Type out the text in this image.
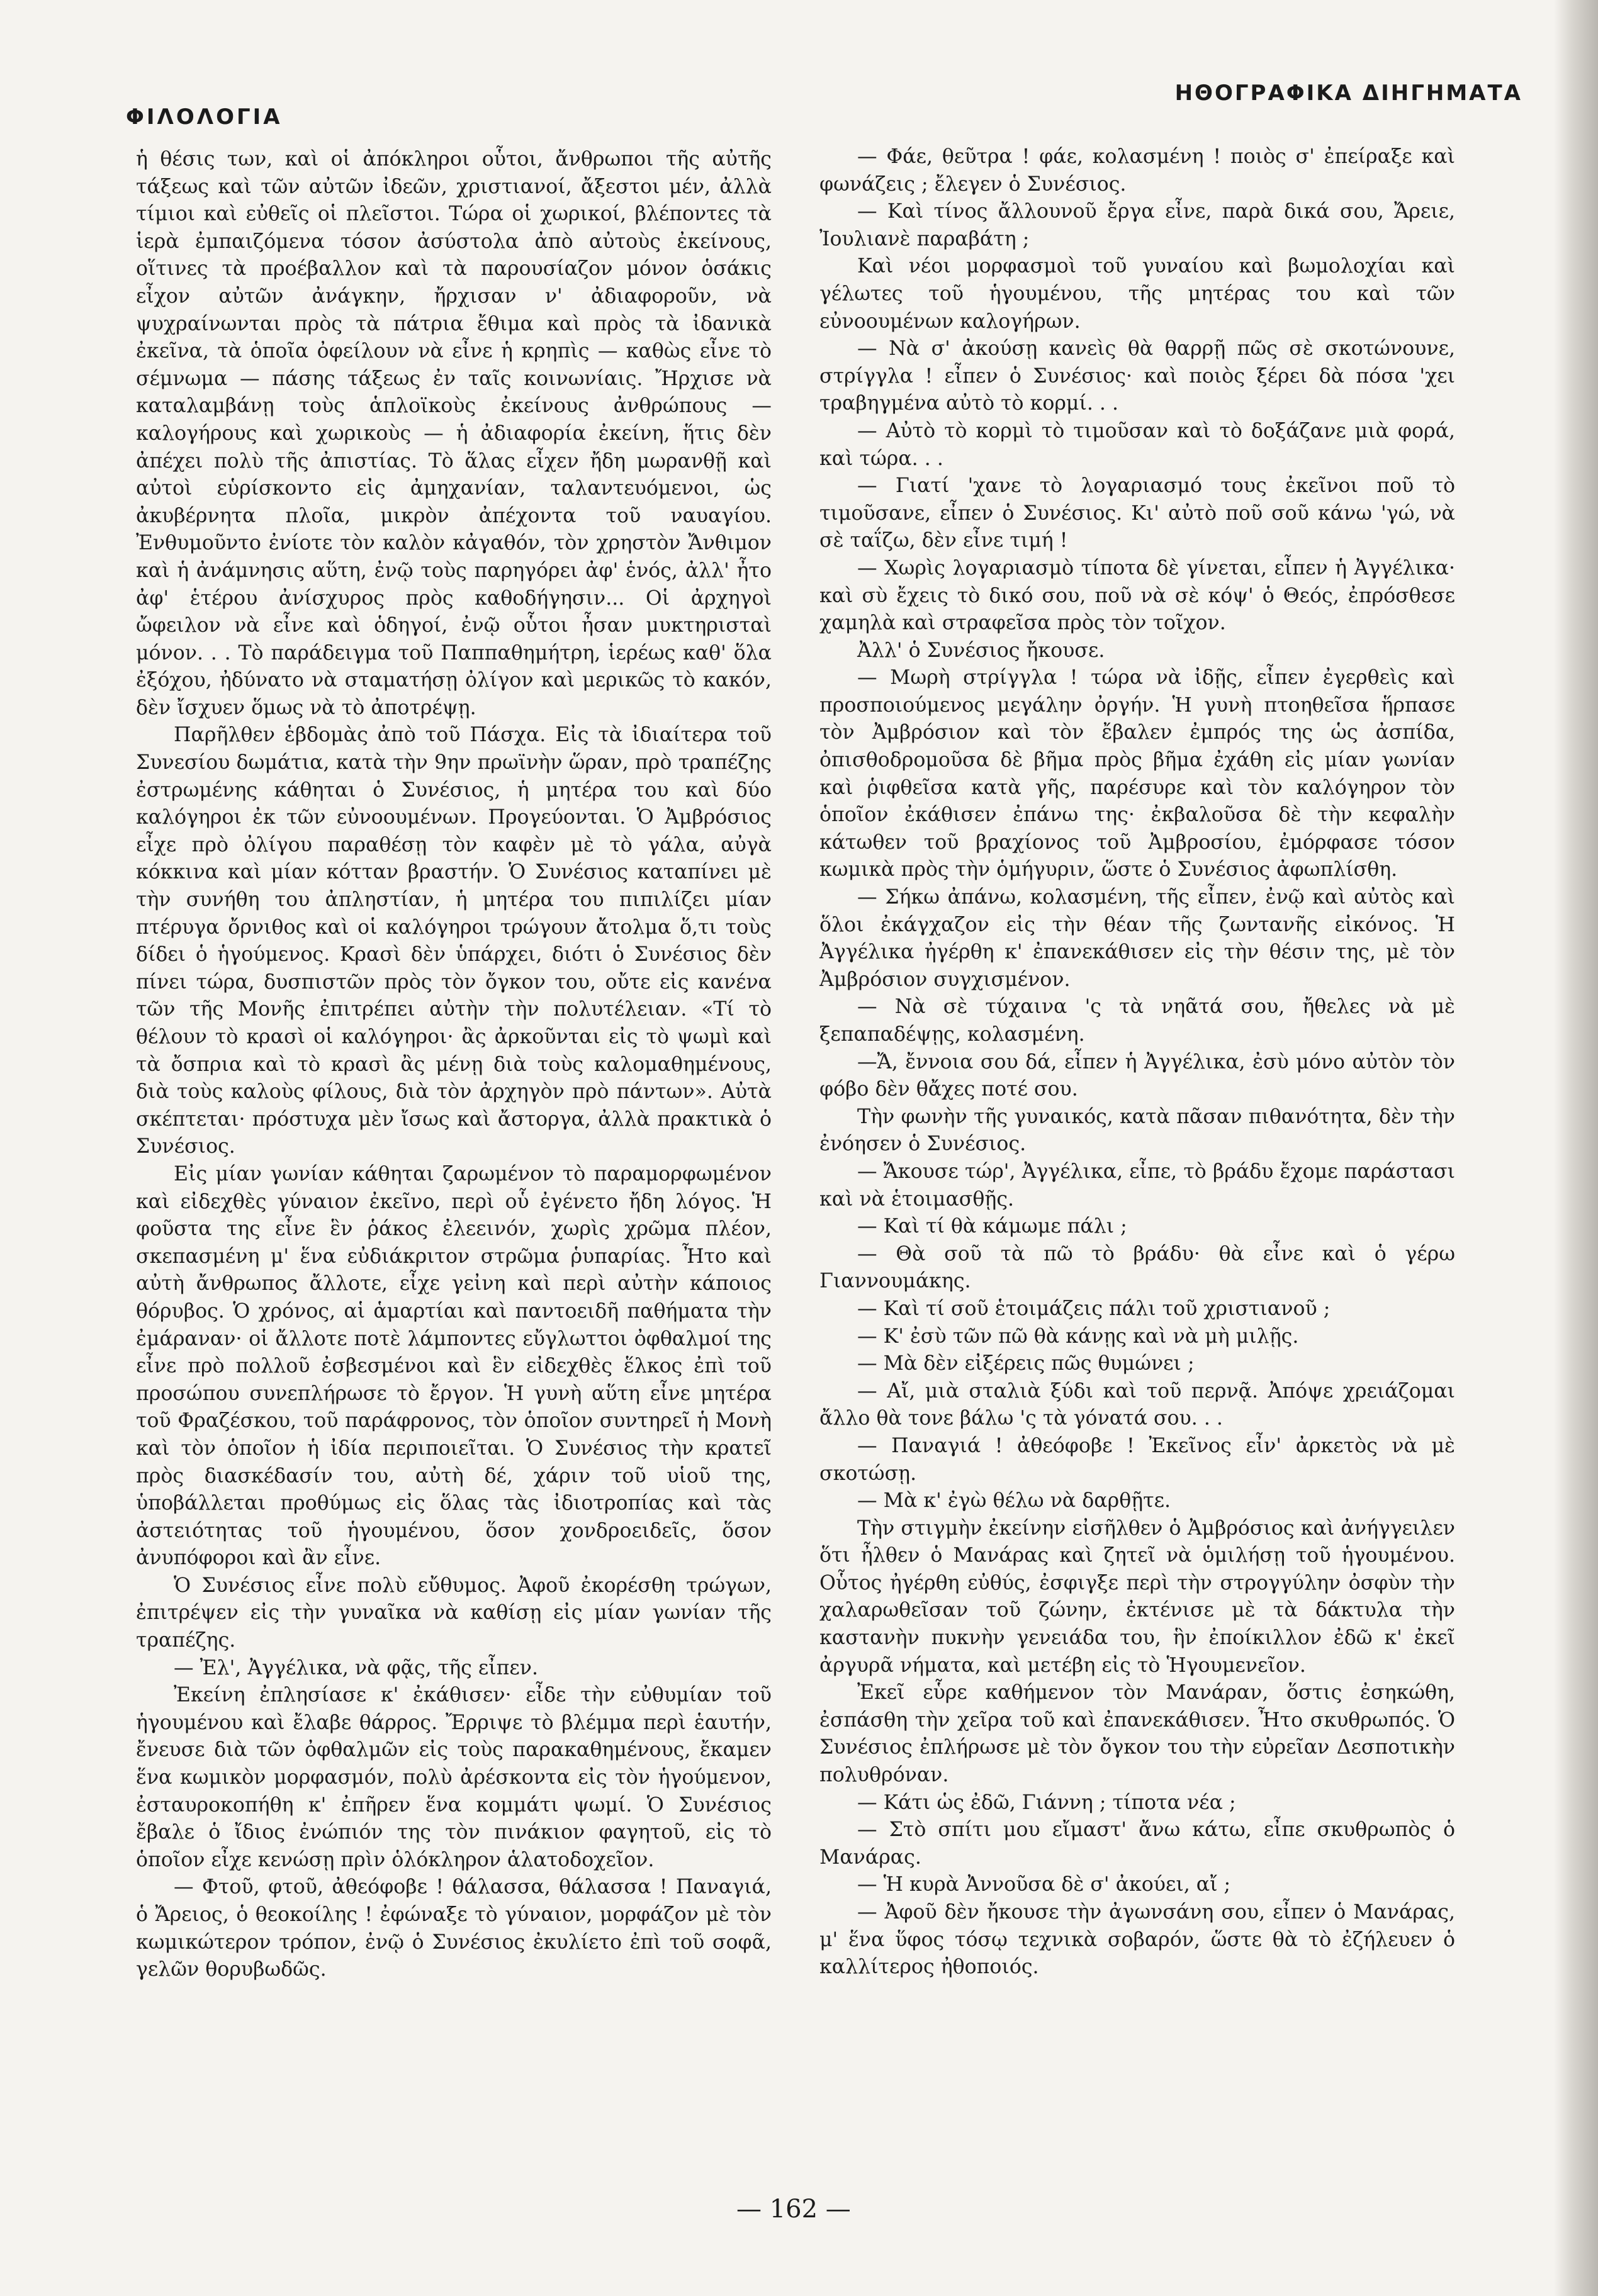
ΦΙΛΟΛΟΓΙΑ
ΗΘΟΓΡΑΦΙΚΑ ΔΙΗΓΗΜΑΤΑ

ἡ θέσις των, καὶ οἱ ἀπόκληροι οὗτοι, ἄνθρωποι τῆς αὐτῆς τάξεως καὶ τῶν αὐτῶν ἰδεῶν, χριστιανοί, ἄξεστοι μέν, ἀλλὰ τίμιοι καὶ εὐθεῖς οἱ πλεῖστοι. Τώρα οἱ χωρικοί, βλέποντες τὰ ἱερὰ ἐμπαιζόμενα τόσον ἀσύστολα ἀπὸ αὐτοὺς ἐκείνους, οἵτινες τὰ προέβαλλον καὶ τὰ παρουσίαζον μόνον ὁσάκις εἶχον αὐτῶν ἀνάγκην, ἤρχισαν ν' ἀδιαφοροῦν, νὰ ψυχραίνωνται πρὸς τὰ πάτρια ἔθιμα καὶ πρὸς τὰ ἰδανικὰ ἐκεῖνα, τὰ ὁποῖα ὀφείλουν νὰ εἶνε ἡ κρηπὶς — καθὼς εἶνε τὸ σέμνωμα — πάσης τάξεως ἐν ταῖς κοινωνίαις. Ἤρχισε νὰ καταλαμβάνῃ τοὺς ἁπλοϊκοὺς ἐκείνους ἀνθρώπους — καλογήρους καὶ χωρικοὺς — ἡ ἀδιαφορία ἐκείνη, ἥτις δὲν ἀπέχει πολὺ τῆς ἀπιστίας. Τὸ ἅλας εἶχεν ἤδη μωρανθῇ καὶ αὐτοὶ εὑρίσκοντο εἰς ἀμηχανίαν, ταλαντευόμενοι, ὡς ἀκυβέρνητα πλοῖα, μικρὸν ἀπέχοντα τοῦ ναυαγίου. Ἐνθυμοῦντο ἐνίοτε τὸν καλὸν κἀγαθόν, τὸν χρηστὸν Ἄνθιμον καὶ ἡ ἀνάμνησις αὕτη, ἐνῷ τοὺς παρηγόρει ἀφ' ἑνός, ἀλλ' ἦτο ἀφ' ἑτέρου ἀνίσχυρος πρὸς καθοδήγησιν... Οἱ ἀρχηγοὶ ὤφειλον νὰ εἶνε καὶ ὁδηγοί, ἐνῷ οὗτοι ἦσαν μυκτηρισταὶ μόνον. . . Τὸ παράδειγμα τοῦ Παππαθημήτρη, ἱερέως καθ' ὅλα ἐξόχου, ἠδύνατο νὰ σταματήσῃ ὀλίγον καὶ μερικῶς τὸ κακόν, δὲν ἴσχυεν ὅμως νὰ τὸ ἀποτρέψῃ.

Παρῆλθεν ἑβδομὰς ἀπὸ τοῦ Πάσχα. Εἰς τὰ ἰδιαίτερα τοῦ Συνεσίου δωμάτια, κατὰ τὴν 9ην πρωϊνὴν ὥραν, πρὸ τραπέζης ἐστρωμένης κάθηται ὁ Συνέσιος, ἡ μητέρα του καὶ δύο καλόγηροι ἐκ τῶν εὐνοουμένων. Προγεύονται. Ὁ Ἀμβρόσιος εἶχε πρὸ ὀλίγου παραθέσῃ τὸν καφὲν μὲ τὸ γάλα, αὐγὰ κόκκινα καὶ μίαν κότταν βραστήν. Ὁ Συνέσιος καταπίνει μὲ τὴν συνήθη του ἀπληστίαν, ἡ μητέρα του πιπιλίζει μίαν πτέρυγα ὄρνιθος καὶ οἱ καλόγηροι τρώγουν ἄτολμα ὅ,τι τοὺς δίδει ὁ ἡγούμενος. Κρασὶ δὲν ὑπάρχει, διότι ὁ Συνέσιος δὲν πίνει τώρα, δυσπιστῶν πρὸς τὸν ὄγκον του, οὔτε εἰς κανένα τῶν τῆς Μονῆς ἐπιτρέπει αὐτὴν τὴν πολυτέλειαν. «Τί τὸ θέλουν τὸ κρασὶ οἱ καλόγηροι· ἂς ἀρκοῦνται εἰς τὸ ψωμὶ καὶ τὰ ὄσπρια καὶ τὸ κρασὶ ἂς μένῃ διὰ τοὺς καλομαθημένους, διὰ τοὺς καλοὺς φίλους, διὰ τὸν ἀρχηγὸν πρὸ πάντων». Αὐτὰ σκέπτεται· πρόστυχα μὲν ἴσως καὶ ἄστοργα, ἀλλὰ πρακτικὰ ὁ Συνέσιος.

Εἰς μίαν γωνίαν κάθηται ζαρωμένον τὸ παραμορφωμένον καὶ εἰδεχθὲς γύναιον ἐκεῖνο, περὶ οὗ ἐγένετο ἤδη λόγος. Ἡ φοῦστα της εἶνε ἓν ῥάκος ἐλεεινόν, χωρὶς χρῶμα πλέον, σκεπασμένη μ' ἕνα εὐδιάκριτον στρῶμα ῥυπαρίας. Ἦτο καὶ αὐτὴ ἄνθρωπος ἄλλοτε, εἶχε γεἰνη καὶ περὶ αὐτὴν κάποιος θόρυβος. Ὁ χρόνος, αἱ ἁμαρτίαι καὶ παντοειδῆ παθήματα τὴν ἐμάραναν· οἱ ἄλλοτε ποτὲ λάμποντες εὔγλωττοι ὀφθαλμοί της εἶνε πρὸ πολλοῦ ἐσβεσμένοι καὶ ἓν εἰδεχθὲς ἕλκος ἐπὶ τοῦ προσώπου συνεπλήρωσε τὸ ἔργον. Ἡ γυνὴ αὕτη εἶνε μητέρα τοῦ Φραζέσκου, τοῦ παράφρονος, τὸν ὁποῖον συντηρεῖ ἡ Μονὴ καὶ τὸν ὁποῖον ἡ ἰδία περιποιεῖται. Ὁ Συνέσιος τὴν κρατεῖ πρὸς διασκέδασίν του, αὐτὴ δέ, χάριν τοῦ υἱοῦ της, ὑποβάλλεται προθύμως εἰς ὅλας τὰς ἰδιοτροπίας καὶ τὰς ἀστειότητας τοῦ ἡγουμένου, ὅσον χονδροειδεῖς, ὅσον ἀνυπόφοροι καὶ ἂν εἶνε.

Ὁ Συνέσιος εἶνε πολὺ εὔθυμος. Ἀφοῦ ἐκορέσθη τρώγων, ἐπιτρέψεν εἰς τὴν γυναῖκα νὰ καθίσῃ εἰς μίαν γωνίαν τῆς τραπέζης.

— Ἐλ', Ἀγγέλικα, νὰ φᾷς, τῆς εἶπεν.

Ἐκείνη ἐπλησίασε κ' ἐκάθισεν· εἶδε τὴν εὐθυμίαν τοῦ ἡγουμένου καὶ ἔλαβε θάρρος. Ἔρριψε τὸ βλέμμα περὶ ἑαυτήν, ἔνευσε διὰ τῶν ὀφθαλμῶν εἰς τοὺς παρακαθημένους, ἔκαμεν ἕνα κωμικὸν μορφασμόν, πολὺ ἀρέσκοντα εἰς τὸν ἡγούμενον, ἐσταυροκοπήθη κ' ἐπῆρεν ἕνα κομμάτι ψωμί. Ὁ Συνέσιος ἔβαλε ὁ ἴδιος ἐνώπιόν της τὸν πινάκιον φαγητοῦ, εἰς τὸ ὁποῖον εἶχε κενώσῃ πρὶν ὁλόκληρον ἁλατοδοχεῖον.

— Φτοῦ, φτοῦ, ἀθεόφοβε ! θάλασσα, θάλασσα ! Παναγιά, ὁ Ἄρειος, ὁ θεοκοίλης ! ἐφώναξε τὸ γύναιον, μορφάζον μὲ τὸν κωμικώτερον τρόπον, ἐνῷ ὁ Συνέσιος ἐκυλίετο ἐπὶ τοῦ σοφᾶ, γελῶν θορυβωδῶς.

— Φάε, θεῦτρα ! φάε, κολασμένη ! ποιὸς σ' ἐπείραξε καὶ φωνάζεις ; ἔλεγεν ὁ Συνέσιος.

— Καὶ τίνος ἄλλουνοῦ ἔργα εἶνε, παρὰ δικά σου, Ἄρειε, Ἰουλιανὲ παραβάτη ;

Καὶ νέοι μορφασμοὶ τοῦ γυναίου καὶ βωμολοχίαι καὶ γέλωτες τοῦ ἡγουμένου, τῆς μητέρας του καὶ τῶν εὐνοουμένων καλογήρων.

— Νὰ σ' ἀκούσῃ κανεὶς θὰ θαρρῇ πῶς σὲ σκοτώνουνε, στρίγγλα ! εἶπεν ὁ Συνέσιος· καὶ ποιὸς ξέρει δὰ πόσα 'χει τραβηγμένα αὐτὸ τὸ κορμί. . .

— Αὐτὸ τὸ κορμὶ τὸ τιμοῦσαν καὶ τὸ δοξάζανε μιὰ φορά, καὶ τώρα. . .

— Γιατί 'χανε τὸ λογαριασμό τους ἐκεῖνοι ποῦ τὸ τιμοῦσανε, εἶπεν ὁ Συνέσιος. Κι' αὐτὸ ποῦ σοῦ κάνω 'γώ, νὰ σὲ ταΐζω, δὲν εἶνε τιμή !

— Χωρὶς λογαριασμὸ τίποτα δὲ γίνεται, εἶπεν ἡ Ἀγγέλικα· καὶ σὺ ἔχεις τὸ δικό σου, ποῦ νὰ σὲ κόψ' ὁ Θεός, ἐπρόσθεσε χαμηλὰ καὶ στραφεῖσα πρὸς τὸν τοῖχον.

Ἀλλ' ὁ Συνέσιος ἤκουσε.

— Μωρὴ στρίγγλα ! τώρα νὰ ἰδῇς, εἶπεν ἐγερθεὶς καὶ προσποιούμενος μεγάλην ὀργήν. Ἡ γυνὴ πτοηθεῖσα ἥρπασε τὸν Ἀμβρόσιον καὶ τὸν ἔβαλεν ἐμπρός της ὡς ἀσπίδα, ὀπισθοδρομοῦσα δὲ βῆμα πρὸς βῆμα ἐχάθη εἰς μίαν γωνίαν καὶ ῥιφθεῖσα κατὰ γῆς, παρέσυρε καὶ τὸν καλόγηρον τὸν ὁποῖον ἐκάθισεν ἐπάνω της· ἐκβαλοῦσα δὲ τὴν κεφαλὴν κάτωθεν τοῦ βραχίονος τοῦ Ἀμβροσίου, ἐμόρφασε τόσον κωμικὰ πρὸς τὴν ὁμήγυριν, ὥστε ὁ Συνέσιος ἀφωπλίσθη.

— Σήκω ἀπάνω, κολασμένη, τῆς εἶπεν, ἐνῷ καὶ αὐτὸς καὶ ὅλοι ἐκάγχαζον εἰς τὴν θέαν τῆς ζωντανῆς εἰκόνος. Ἡ Ἀγγέλικα ἠγέρθη κ' ἐπανεκάθισεν εἰς τὴν θέσιν της, μὲ τὸν Ἀμβρόσιον συγχισμένον.

— Νὰ σὲ τύχαινα 'ς τὰ νηᾶτά σου, ἤθελες νὰ μὲ ξεπαπαδέψῃς, κολασμένη.

—Ἄ, ἔννοια σου δά, εἶπεν ἡ Ἀγγέλικα, ἐσὺ μόνο αὐτὸν τὸν φόβο δὲν θἄχες ποτέ σου.

Τὴν φωνὴν τῆς γυναικός, κατὰ πᾶσαν πιθανότητα, δὲν τὴν ἐνόησεν ὁ Συνέσιος.

— Ἄκουσε τώρ', Ἀγγέλικα, εἶπε, τὸ βράδυ ἔχομε παράστασι καὶ νὰ ἑτοιμασθῇς.

— Καὶ τί θὰ κάμωμε πάλι ;

— Θὰ σοῦ τὰ πῶ τὸ βράδυ· θὰ εἶνε καὶ ὁ γέρω Γιαννουμάκης.

— Καὶ τί σοῦ ἑτοιμάζεις πάλι τοῦ χριστιανοῦ ;

— Κ' ἐσὺ τῶν πῶ θὰ κάνῃς καὶ νὰ μὴ μιλῇς.

— Μὰ δὲν εἰξέρεις πῶς θυμώνει ;

— Αἴ, μιὰ σταλιὰ ξύδι καὶ τοῦ περνᾷ. Ἀπόψε χρειάζομαι ἄλλο θὰ τονε βάλω 'ς τὰ γόνατά σου. . .

— Παναγιά ! ἀθεόφοβε ! Ἐκεῖνος εἶν' ἀρκετὸς νὰ μὲ σκοτώσῃ.

— Μὰ κ' ἐγὼ θέλω νὰ δαρθῇτε.

Τὴν στιγμὴν ἐκείνην εἰσῆλθεν ὁ Ἀμβρόσιος καὶ ἀνήγγειλεν ὅτι ἦλθεν ὁ Μανάρας καὶ ζητεῖ νὰ ὁμιλήσῃ τοῦ ἡγουμένου. Οὗτος ἠγέρθη εὐθύς, ἐσφιγξε περὶ τὴν στρογγύλην ὀσφὺν τὴν χαλαρωθεῖσαν τοῦ ζώνην, ἐκτένισε μὲ τὰ δάκτυλα τὴν καστανὴν πυκνὴν γενειάδα του, ἣν ἐποίκιλλον ἐδῶ κ' ἐκεῖ ἀργυρᾶ νήματα, καὶ μετέβη εἰς τὸ Ἡγουμενεῖον.

Ἐκεῖ εὗρε καθήμενον τὸν Μανάραν, ὅστις ἐσηκώθη, ἐσπάσθη τὴν χεῖρα τοῦ καὶ ἐπανεκάθισεν. Ἦτο σκυθρωπός. Ὁ Συνέσιος ἐπλήρωσε μὲ τὸν ὄγκον του τὴν εὐρεῖαν Δεσποτικὴν πολυθρόναν.

— Κάτι ὡς ἐδῶ, Γιάννη ; τίποτα νέα ;

— Στὸ σπίτι μου εἴμαστ' ἄνω κάτω, εἶπε σκυθρωπὸς ὁ Μανάρας.

— Ἡ κυρὰ Ἀννοῦσα δὲ σ' ἀκούει, αἴ ;

— Ἀφοῦ δὲν ἤκουσε τὴν ἀγωνσάνη σου, εἶπεν ὁ Μανάρας, μ' ἕνα ὕφος τόσῳ τεχνικὰ σοβαρόν, ὥστε θὰ τὸ ἐζήλευεν ὁ καλλίτερος ἠθοποιός.

— 162 —
